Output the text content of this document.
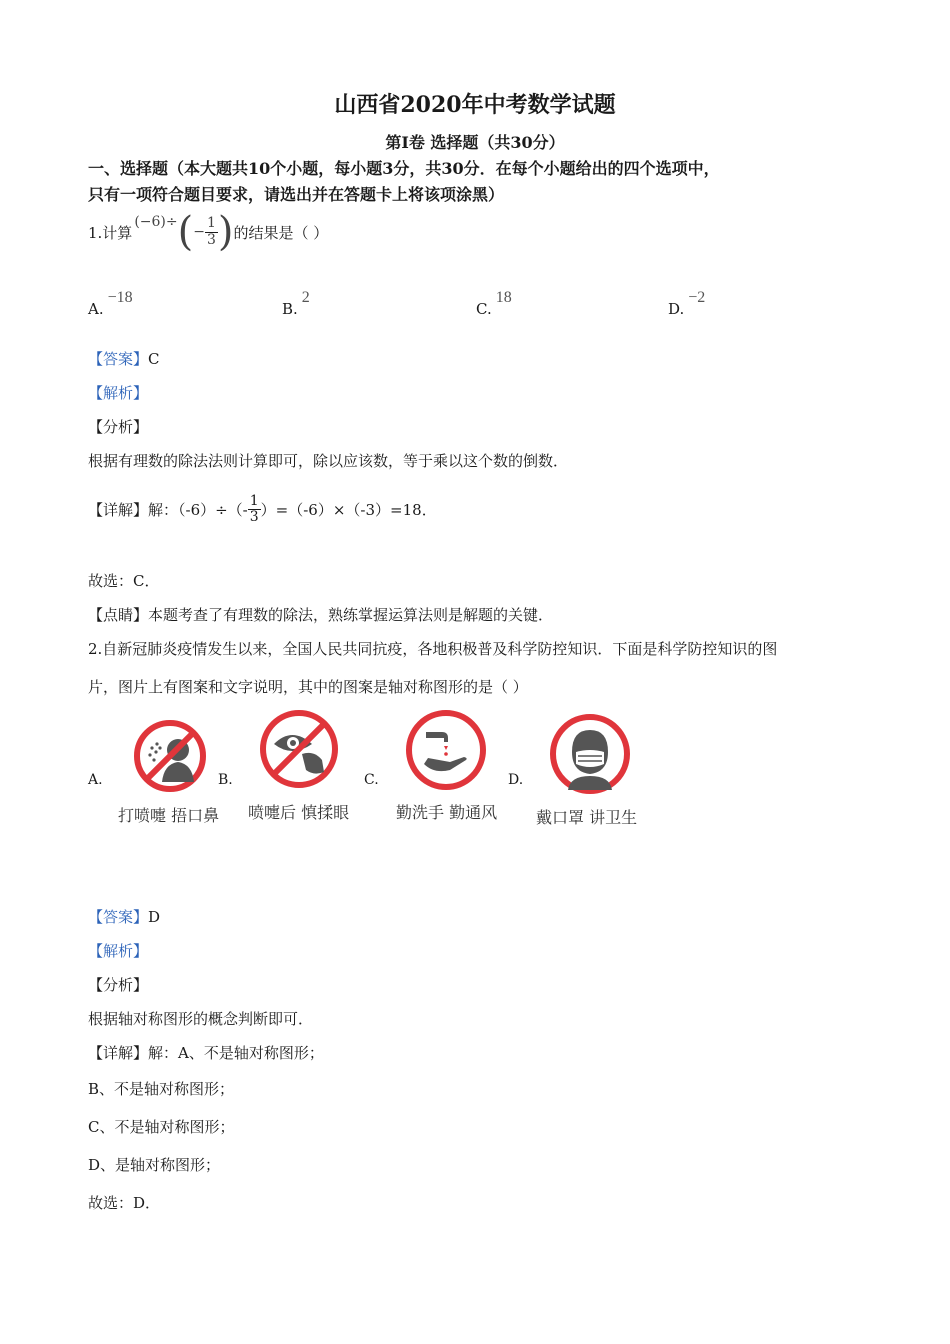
山西省2020年中考数学试题
第Ⅰ卷 选择题（共30分）
一、选择题（本大题共10个小题，每小题3分，共30分．在每个小题给出的四个选项中，
只有一项符合题目要求，请选出并在答题卡上将该项涂黑）
1.计算
(−6)÷ ( − $\frac{1}{3}$ ) 的结果是（ ）
A.−18
B.2
C.18
D.−2
【答案】C
【解析】
【分析】
根据有理数的除法法则计算即可，除以应该数，等于乘以这个数的倒数．
【详解】解：$(-6)\div(- \frac{1}{3} )=(-6)\times(-3)=18$．
故选：C．
【点睛】本题考查了有理数的除法，熟练掌握运算法则是解题的关键．
2.自新冠肺炎疫情发生以来，全国人民共同抗疫，各地积极普及科学防控知识．下面是科学防控知识的图
片，图片上有图案和文字说明，其中的图案是轴对称图形的是（ ）
A.
打喷嚏 捂口鼻
B.
喷嚏后 慎揉眼
C.
勤洗手 勤通风
D.
戴口罩 讲卫生
【答案】D
【解析】
【分析】
根据轴对称图形的概念判断即可．
【详解】解：A、不是轴对称图形；
B、不是轴对称图形；
C、不是轴对称图形；
D、是轴对称图形；
故选：D．
